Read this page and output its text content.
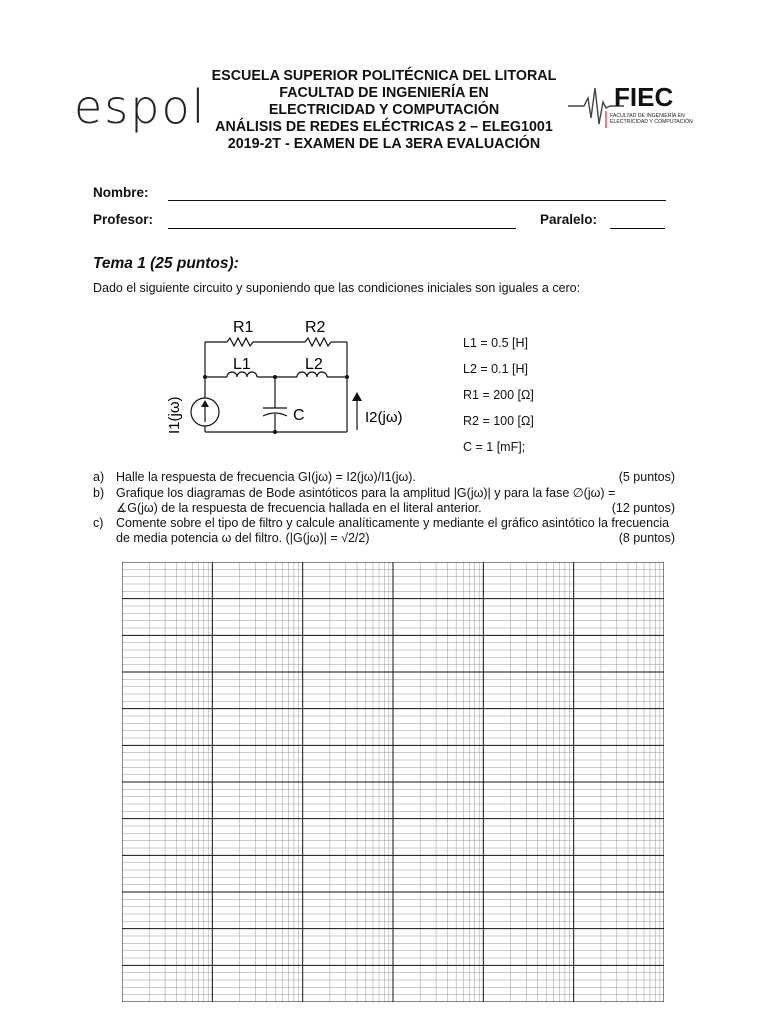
espol
ESCUELA SUPERIOR POLITÉCNICA DEL LITORAL
FACULTAD DE INGENIERÍA EN
ELECTRICIDAD Y COMPUTACIÓN
ANÁLISIS DE REDES ELÉCTRICAS 2 – ELEG1001
2019-2T - EXAMEN DE LA 3ERA EVALUACIÓN
FIEC
FACULTAD DE INGENIERÍA EN
ELECTRICIDAD Y COMPUTACIÓN
Nombre:
Profesor:	Paralelo:
Tema 1 (25 puntos):
Dado el siguiente circuito y suponiendo que las condiciones iniciales son iguales a cero:
R1	R2
L1	L2
C	I2(jω)
I1(jω)
L1 = 0.5 [H]
L2 = 0.1 [H]
R1 = 200 [Ω]
R2 = 100 [Ω]
C = 1 [mF];
a) Halle la respuesta de frecuencia GI(jω) = I2(jω)/I1(jω).	(5 puntos)
b) Grafique los diagramas de Bode asintóticos para la amplitud |G(jω)| y para la fase ∅(jω) =
∡G(jω) de la respuesta de frecuencia hallada en el literal anterior.	(12 puntos)
c) Comente sobre el tipo de filtro y calcule analíticamente y mediante el gráfico asintótico la frecuencia
de media potencia ω del filtro. (|G(jω)| = √2/2)	(8 puntos)
